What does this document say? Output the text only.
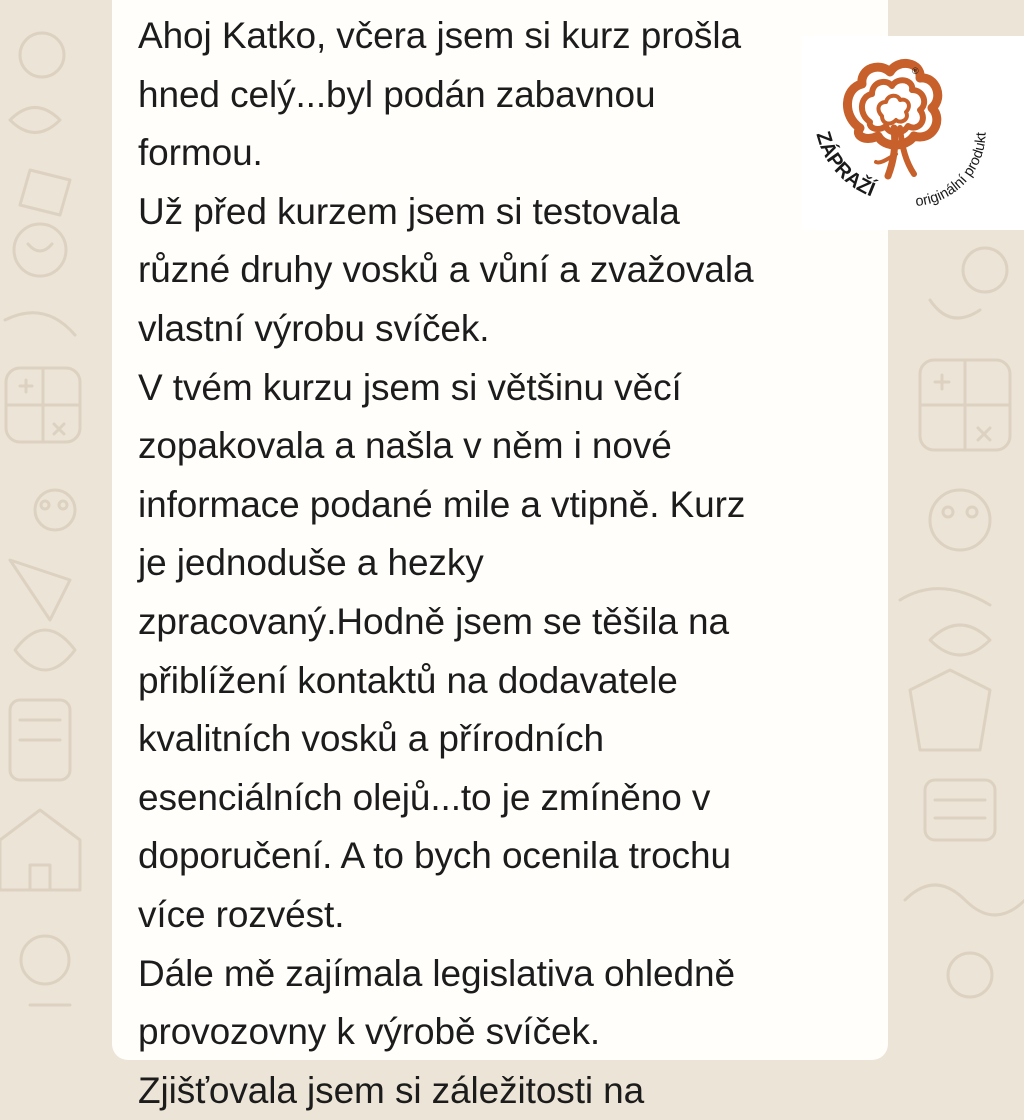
Ahoj Katko, včera jsem si kurz prošla
hned celý...byl podán zabavnou
formou.
Už před kurzem jsem si testovala
různé druhy vosků a vůní a zvažovala
vlastní výrobu svíček.
V tvém kurzu jsem si většinu věcí
zopakovala a našla v něm i nové
informace podané mile a vtipně. Kurz
je jednoduše a hezky
zpracovaný.Hodně jsem se těšila na
přiblížení kontaktů na dodavatele
kvalitních vosků a přírodních
esenciálních olejů...to je zmíněno v
doporučení. A to bych ocenila trochu
více rozvést.
Dále mě zajímala legislativa ohledně
provozovny k výrobě svíček.
Zjišťovala jsem si záležitosti na
ZÁPRAŽÍ
originální produkt
®
